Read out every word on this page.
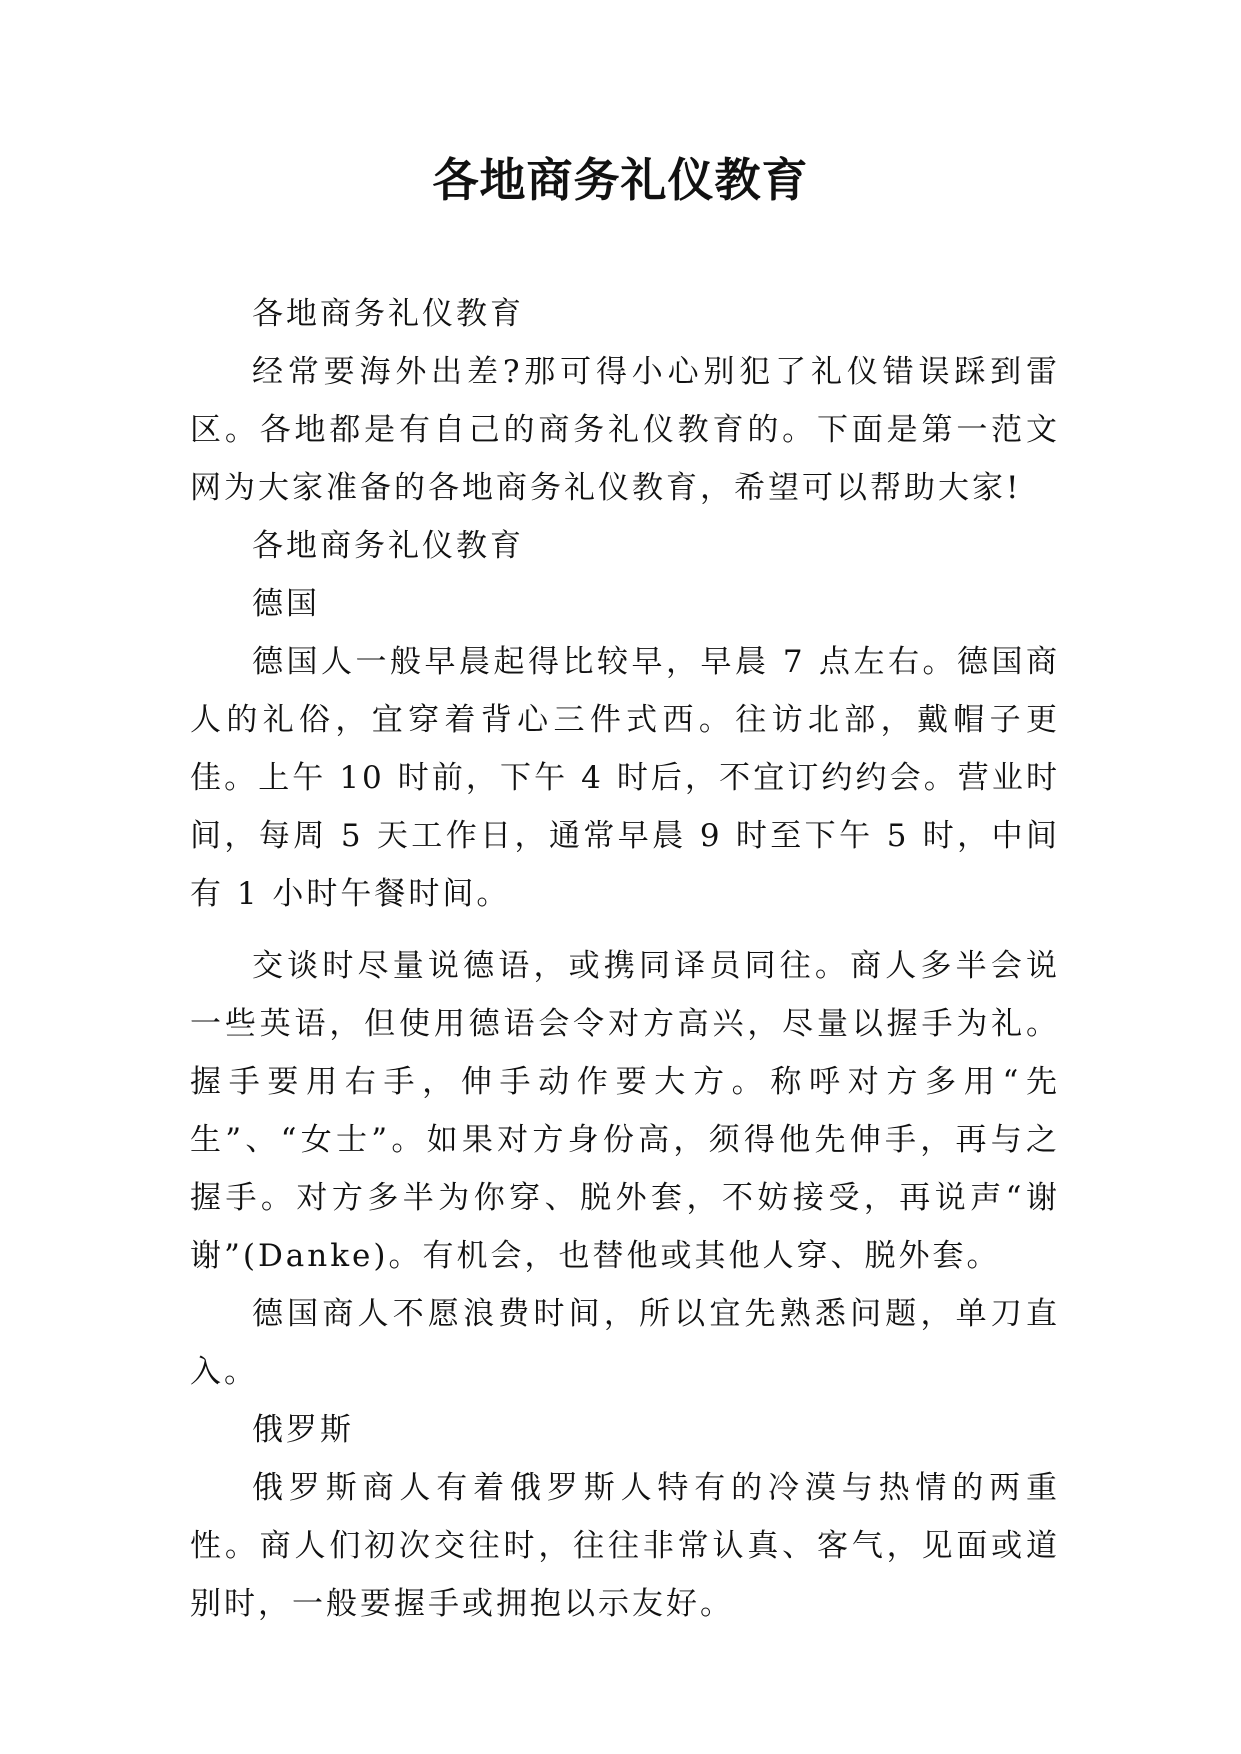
各地商务礼仪教育

各地商务礼仪教育

经常要海外出差?那可得小心别犯了礼仪错误踩到雷区。各地都是有自己的商务礼仪教育的。下面是第一范文网为大家准备的各地商务礼仪教育，希望可以帮助大家!

各地商务礼仪教育

德国

德国人一般早晨起得比较早，早晨 7 点左右。德国商人的礼俗，宜穿着背心三件式西。往访北部，戴帽子更佳。上午 10 时前，下午 4 时后，不宜订约约会。营业时间，每周 5 天工作日，通常早晨 9 时至下午 5 时，中间有 1 小时午餐时间。

交谈时尽量说德语，或携同译员同往。商人多半会说一些英语，但使用德语会令对方高兴，尽量以握手为礼。握手要用右手，伸手动作要大方。称呼对方多用“先生”、“女士”。如果对方身份高，须得他先伸手，再与之握手。对方多半为你穿、脱外套，不妨接受，再说声“谢谢”(Danke)。有机会，也替他或其他人穿、脱外套。

德国商人不愿浪费时间，所以宜先熟悉问题，单刀直入。

俄罗斯

俄罗斯商人有着俄罗斯人特有的冷漠与热情的两重性。商人们初次交往时，往往非常认真、客气，见面或道别时，一般要握手或拥抱以示友好。
